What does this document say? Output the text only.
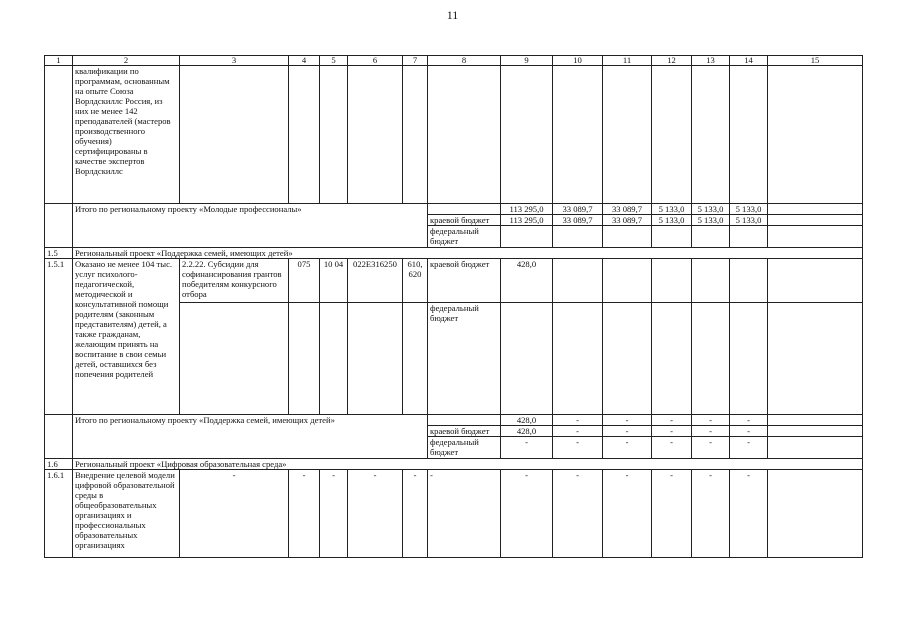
11
1	2	3	4	5	6	7	8	9	10	11	12	13	14	15
	квалификации по программам, основанным на опыте Союза Ворлдскиллс Россия, из них не менее 142 преподавателей (мастеров производственного обучения) сертифицированы в качестве экспертов Ворлдскиллс													
	Итого по региональному проекту «Молодые профессионалы»							113 295,0	33 089,7	33 089,7	5 133,0	5 133,0	5 133,0	
							краевой бюджет	113 295,0	33 089,7	33 089,7	5 133,0	5 133,0	5 133,0	
							федеральный бюджет							
1.5	Региональный проект «Поддержка семей, имеющих детей»													
1.5.1	Оказано не менее 104 тыс. услуг психолого-педагогической, методической и консультативной помощи родителям (законным представителям) детей, а также гражданам, желающим принять на воспитание в свои семьи детей, оставшихся без попечения родителей	2.2.22. Субсидии для софинансирования грантов победителям конкурсного отбора	075	10 04	022E316250	610, 620	краевой бюджет	428,0						
							федеральный бюджет							
	Итого по региональному проекту «Поддержка семей, имеющих детей»							428,0	-	-	-	-	-	
							краевой бюджет	428,0	-	-	-	-	-	
							федеральный бюджет	-	-	-	-	-	-	
1.6	Региональный проект «Цифровая образовательная среда»													
1.6.1	Внедрение целевой модели цифровой образовательной среды в общеобразовательных организациях и профессиональных образовательных организациях	-	-	-	-	-	-	-	-	-	-	-	-	
